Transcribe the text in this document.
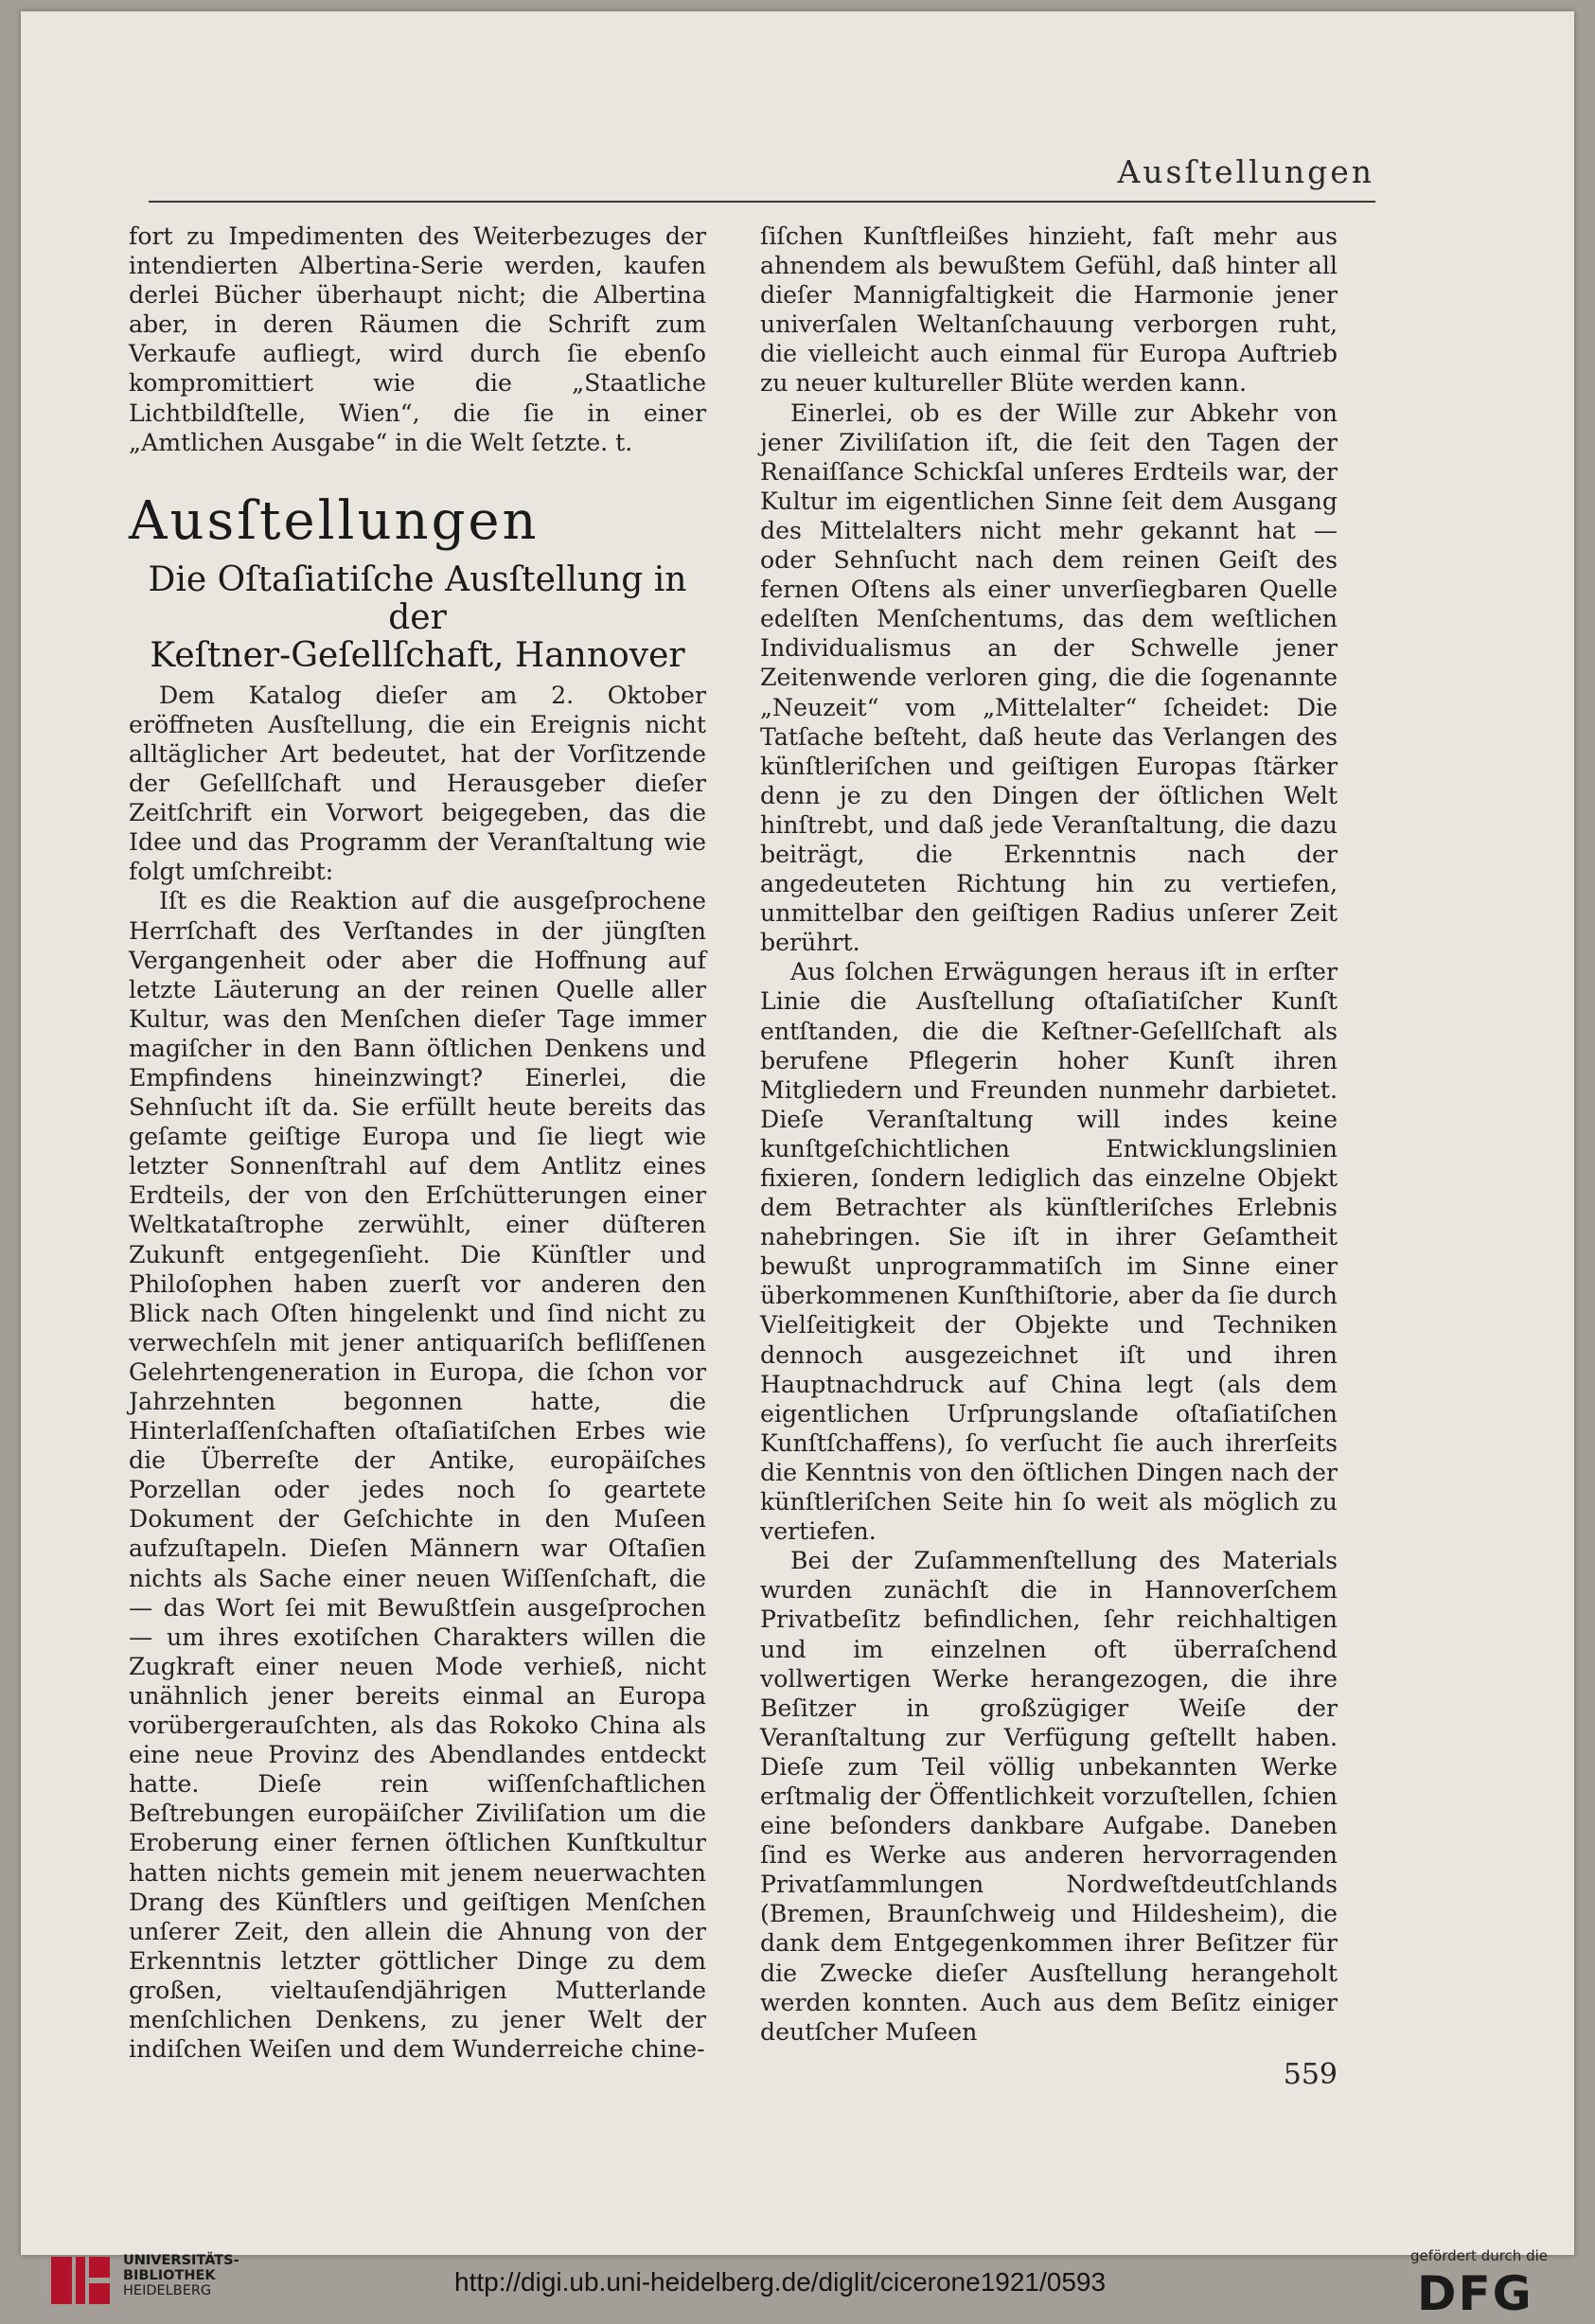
Ausſtellungen

fort zu Impedimenten des Weiterbezuges der intendierten Albertina-Serie werden, kaufen derlei Bücher überhaupt nicht; die Albertina aber, in deren Räumen die Schrift zum Verkaufe aufliegt, wird durch ſie ebenſo kompromittiert wie die „Staatliche Lichtbildſtelle, Wien“, die ſie in einer „Amtlichen Ausgabe“ in die Welt ſetzte. t.

Ausſtellungen
Die Oſtaſiatiſche Ausſtellung in der
Keſtner-Geſellſchaft, Hannover

Dem Katalog dieſer am 2. Oktober eröffneten Ausſtellung, die ein Ereignis nicht alltäglicher Art bedeutet, hat der Vorſitzende der Geſellſchaft und Herausgeber dieſer Zeitſchrift ein Vorwort beigegeben, das die Idee und das Programm der Veranſtaltung wie folgt umſchreibt:

Iſt es die Reaktion auf die ausgeſprochene Herrſchaft des Verſtandes in der jüngſten Vergangenheit oder aber die Hoffnung auf letzte Läuterung an der reinen Quelle aller Kultur, was den Menſchen dieſer Tage immer magiſcher in den Bann öſtlichen Denkens und Empfindens hineinzwingt? Einerlei, die Sehnſucht iſt da. Sie erfüllt heute bereits das geſamte geiſtige Europa und ſie liegt wie letzter Sonnenſtrahl auf dem Antlitz eines Erdteils, der von den Erſchütterungen einer Weltkataſtrophe zerwühlt, einer düſteren Zukunft entgegenſieht. Die Künſtler und Philoſophen haben zuerſt vor anderen den Blick nach Oſten hingelenkt und ſind nicht zu verwechſeln mit jener antiquariſch befliſſenen Gelehrtengeneration in Europa, die ſchon vor Jahrzehnten begonnen hatte, die Hinterlaſſenſchaften oſtaſiatiſchen Erbes wie die Überreſte der Antike, europäiſches Porzellan oder jedes noch ſo geartete Dokument der Geſchichte in den Muſeen aufzuſtapeln. Dieſen Männern war Oſtaſien nichts als Sache einer neuen Wiſſenſchaft, die — das Wort ſei mit Bewußtſein ausgeſprochen — um ihres exotiſchen Charakters willen die Zugkraft einer neuen Mode verhieß, nicht unähnlich jener bereits einmal an Europa vorübergerauſchten, als das Rokoko China als eine neue Provinz des Abendlandes entdeckt hatte. Dieſe rein wiſſenſchaftlichen Beſtrebungen europäiſcher Ziviliſation um die Eroberung einer fernen öſtlichen Kunſtkultur hatten nichts gemein mit jenem neuerwachten Drang des Künſtlers und geiſtigen Menſchen unſerer Zeit, den allein die Ahnung von der Erkenntnis letzter göttlicher Dinge zu dem großen, vieltauſendjährigen Mutterlande menſchlichen Denkens, zu jener Welt der indiſchen Weiſen und dem Wunderreiche chine-

ſiſchen Kunſtfleißes hinzieht, faſt mehr aus ahnendem als bewußtem Gefühl, daß hinter all dieſer Mannigfaltigkeit die Harmonie jener univerſalen Weltanſchauung verborgen ruht, die vielleicht auch einmal für Europa Auftrieb zu neuer kultureller Blüte werden kann.

Einerlei, ob es der Wille zur Abkehr von jener Ziviliſation iſt, die ſeit den Tagen der Renaiſſance Schickſal unſeres Erdteils war, der Kultur im eigentlichen Sinne ſeit dem Ausgang des Mittelalters nicht mehr gekannt hat — oder Sehnſucht nach dem reinen Geiſt des fernen Oſtens als einer unverſiegbaren Quelle edelſten Menſchentums, das dem weſtlichen Individualismus an der Schwelle jener Zeitenwende verloren ging, die die ſogenannte „Neuzeit“ vom „Mittelalter“ ſcheidet: Die Tatſache beſteht, daß heute das Verlangen des künſtleriſchen und geiſtigen Europas ſtärker denn je zu den Dingen der öſtlichen Welt hinſtrebt, und daß jede Veranſtaltung, die dazu beiträgt, die Erkenntnis nach der angedeuteten Richtung hin zu vertiefen, unmittelbar den geiſtigen Radius unſerer Zeit berührt.

Aus ſolchen Erwägungen heraus iſt in erſter Linie die Ausſtellung oſtaſiatiſcher Kunſt entſtanden, die die Keſtner-Geſellſchaft als berufene Pflegerin hoher Kunſt ihren Mitgliedern und Freunden nunmehr darbietet. Dieſe Veranſtaltung will indes keine kunſtgeſchichtlichen Entwicklungslinien fixieren, ſondern lediglich das einzelne Objekt dem Betrachter als künſtleriſches Erlebnis nahebringen. Sie iſt in ihrer Geſamtheit bewußt unprogrammatiſch im Sinne einer überkommenen Kunſthiſtorie, aber da ſie durch Vielſeitigkeit der Objekte und Techniken dennoch ausgezeichnet iſt und ihren Hauptnachdruck auf China legt (als dem eigentlichen Urſprungslande oſtaſiatiſchen Kunſtſchaffens), ſo verſucht ſie auch ihrerſeits die Kenntnis von den öſtlichen Dingen nach der künſtleriſchen Seite hin ſo weit als möglich zu vertiefen.

Bei der Zuſammenſtellung des Materials wurden zunächſt die in Hannoverſchem Privatbeſitz befindlichen, ſehr reichhaltigen und im einzelnen oft überraſchend vollwertigen Werke herangezogen, die ihre Beſitzer in großzügiger Weiſe der Veranſtaltung zur Verfügung geſtellt haben. Dieſe zum Teil völlig unbekannten Werke erſtmalig der Öffentlichkeit vorzuſtellen, ſchien eine beſonders dankbare Aufgabe. Daneben ſind es Werke aus anderen hervorragenden Privatſammlungen Nordweſtdeutſchlands (Bremen, Braunſchweig und Hildesheim), die dank dem Entgegenkommen ihrer Beſitzer für die Zwecke dieſer Ausſtellung herangeholt werden konnten. Auch aus dem Beſitz einiger deutſcher Muſeen

559
UNIVERSITÄTS-
BIBLIOTHEK
HEIDELBERG	http://digi.ub.uni-heidelberg.de/diglit/cicerone1921/0593
gefördert durch die
DFG
